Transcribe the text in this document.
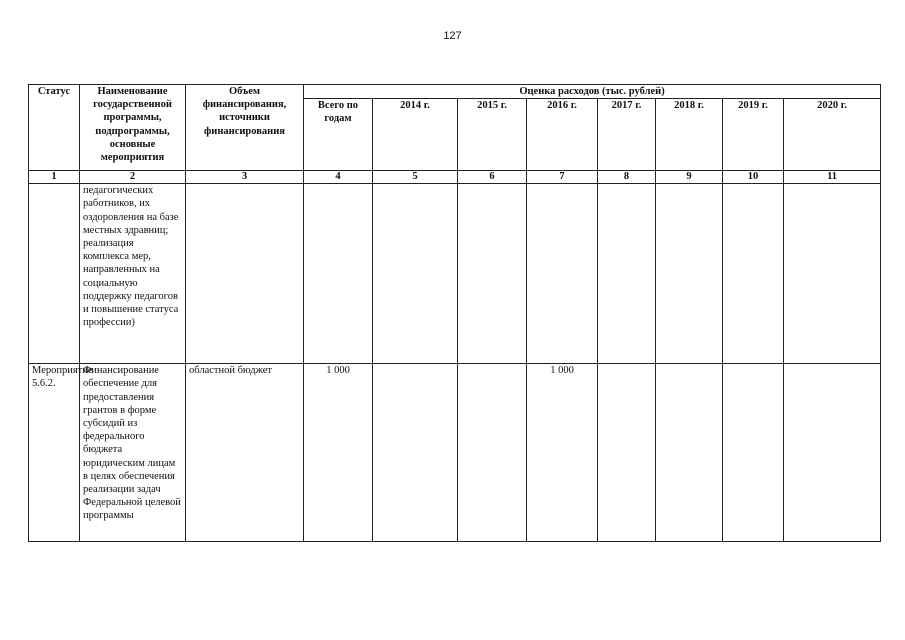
127
Статус	Наименование государственной программы, подпрограммы, основные мероприятия	Объем финансирования, источники финансирования	Оценка расходов (тыс. рублей)							
			Всего по годам	2014 г.	2015 г.	2016 г.	2017 г.	2018 г.	2019 г.	2020 г.
1	2	3	4	5	6	7	8	9	10	11
	педагогических работников, их оздоровления на базе местных здравниц; реализация комплекса мер, направленных на социальную поддержку педагогов и повышение статуса профессии)									
Мероприятие 5.6.2.	Финансирование обеспечение для предоставления грантов в форме субсидий из федерального бюджета юридическим лицам в целях обеспечения реализации задач Федеральной целевой программы	областной бюджет	1 000			1 000				
